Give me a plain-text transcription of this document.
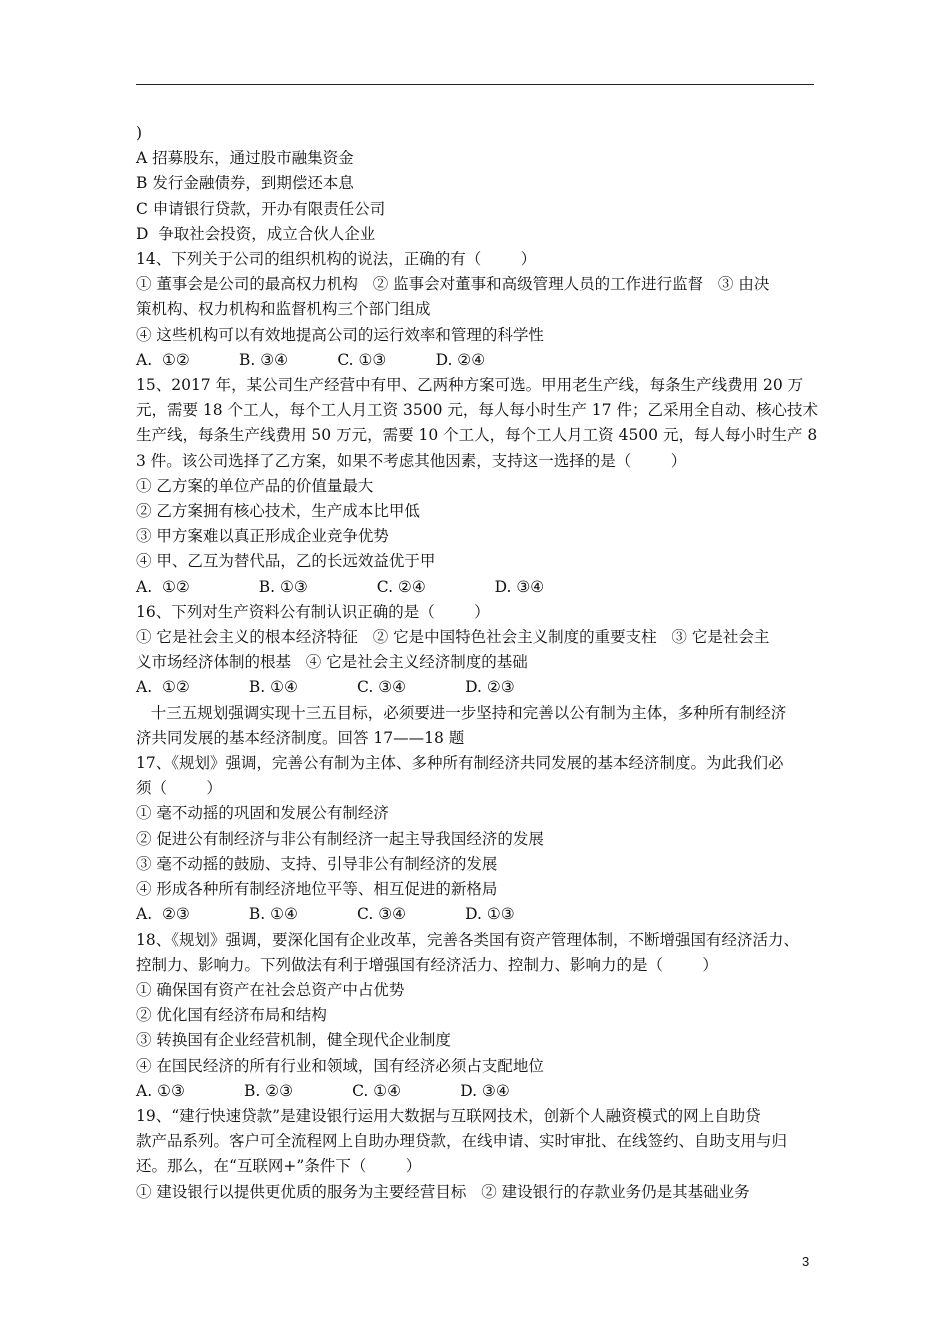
)
A 招募股东，通过股市融集资金
B 发行金融债券，到期偿还本息
C 申请银行贷款，开办有限责任公司
D  争取社会投资，成立合伙人企业
14、下列关于公司的组织机构的说法，正确的有（        ）
① 董事会是公司的最高权力机构   ② 监事会对董事和高级管理人员的工作进行监督   ③ 由决
策机构、权力机构和监督机构三个部门组成
④ 这些机构可以有效地提高公司的运行效率和管理的科学性
A.  ①②          B. ③④          C. ①③          D. ②④
15、2017 年，某公司生产经营中有甲、乙两种方案可选。甲用老生产线，每条生产线费用 20 万
元，需要 18 个工人，每个工人月工资 3500 元，每人每小时生产 17 件；乙采用全自动、核心技术
生产线，每条生产线费用 50 万元，需要 10 个工人，每个工人月工资 4500 元，每人每小时生产 8
3 件。该公司选择了乙方案，如果不考虑其他因素，支持这一选择的是（        ）
① 乙方案的单位产品的价值量最大
② 乙方案拥有核心技术，生产成本比甲低
③ 甲方案难以真正形成企业竞争优势
④ 甲、乙互为替代品，乙的长远效益优于甲
A.  ①②              B. ①③              C. ②④              D. ③④
16、下列对生产资料公有制认识正确的是（        ）
① 它是社会主义的根本经济特征   ② 它是中国特色社会主义制度的重要支柱   ③ 它是社会主
义市场经济体制的根基   ④ 它是社会主义经济制度的基础
A.  ①②            B. ①④            C. ③④            D. ②③
十三五规划强调实现十三五目标，必须要进一步坚持和完善以公有制为主体，多种所有制经济
济共同发展的基本经济制度。回答 17——18 题
17、《规划》强调，完善公有制为主体、多种所有制经济共同发展的基本经济制度。为此我们必
须（        ）
① 毫不动摇的巩固和发展公有制经济
② 促进公有制经济与非公有制经济一起主导我国经济的发展
③ 毫不动摇的鼓励、支持、引导非公有制经济的发展
④ 形成各种所有制经济地位平等、相互促进的新格局
A.  ②③            B. ①④            C. ③④            D. ①③
18、《规划》强调，要深化国有企业改革，完善各类国有资产管理体制，不断增强国有经济活力、
控制力、影响力。下列做法有利于增强国有经济活力、控制力、影响力的是（        ）
① 确保国有资产在社会总资产中占优势
② 优化国有经济布局和结构
③ 转换国有企业经营机制，健全现代企业制度
④ 在国民经济的所有行业和领域，国有经济必须占支配地位
A. ①③            B. ②③            C. ①④            D. ③④
19、“建行快速贷款”是建设银行运用大数据与互联网技术，创新个人融资模式的网上自助贷
款产品系列。客户可全流程网上自助办理贷款，在线申请、实时审批、在线签约、自助支用与归
还。那么，在“互联网+”条件下（        ）
① 建设银行以提供更优质的服务为主要经营目标   ② 建设银行的存款业务仍是其基础业务
3
